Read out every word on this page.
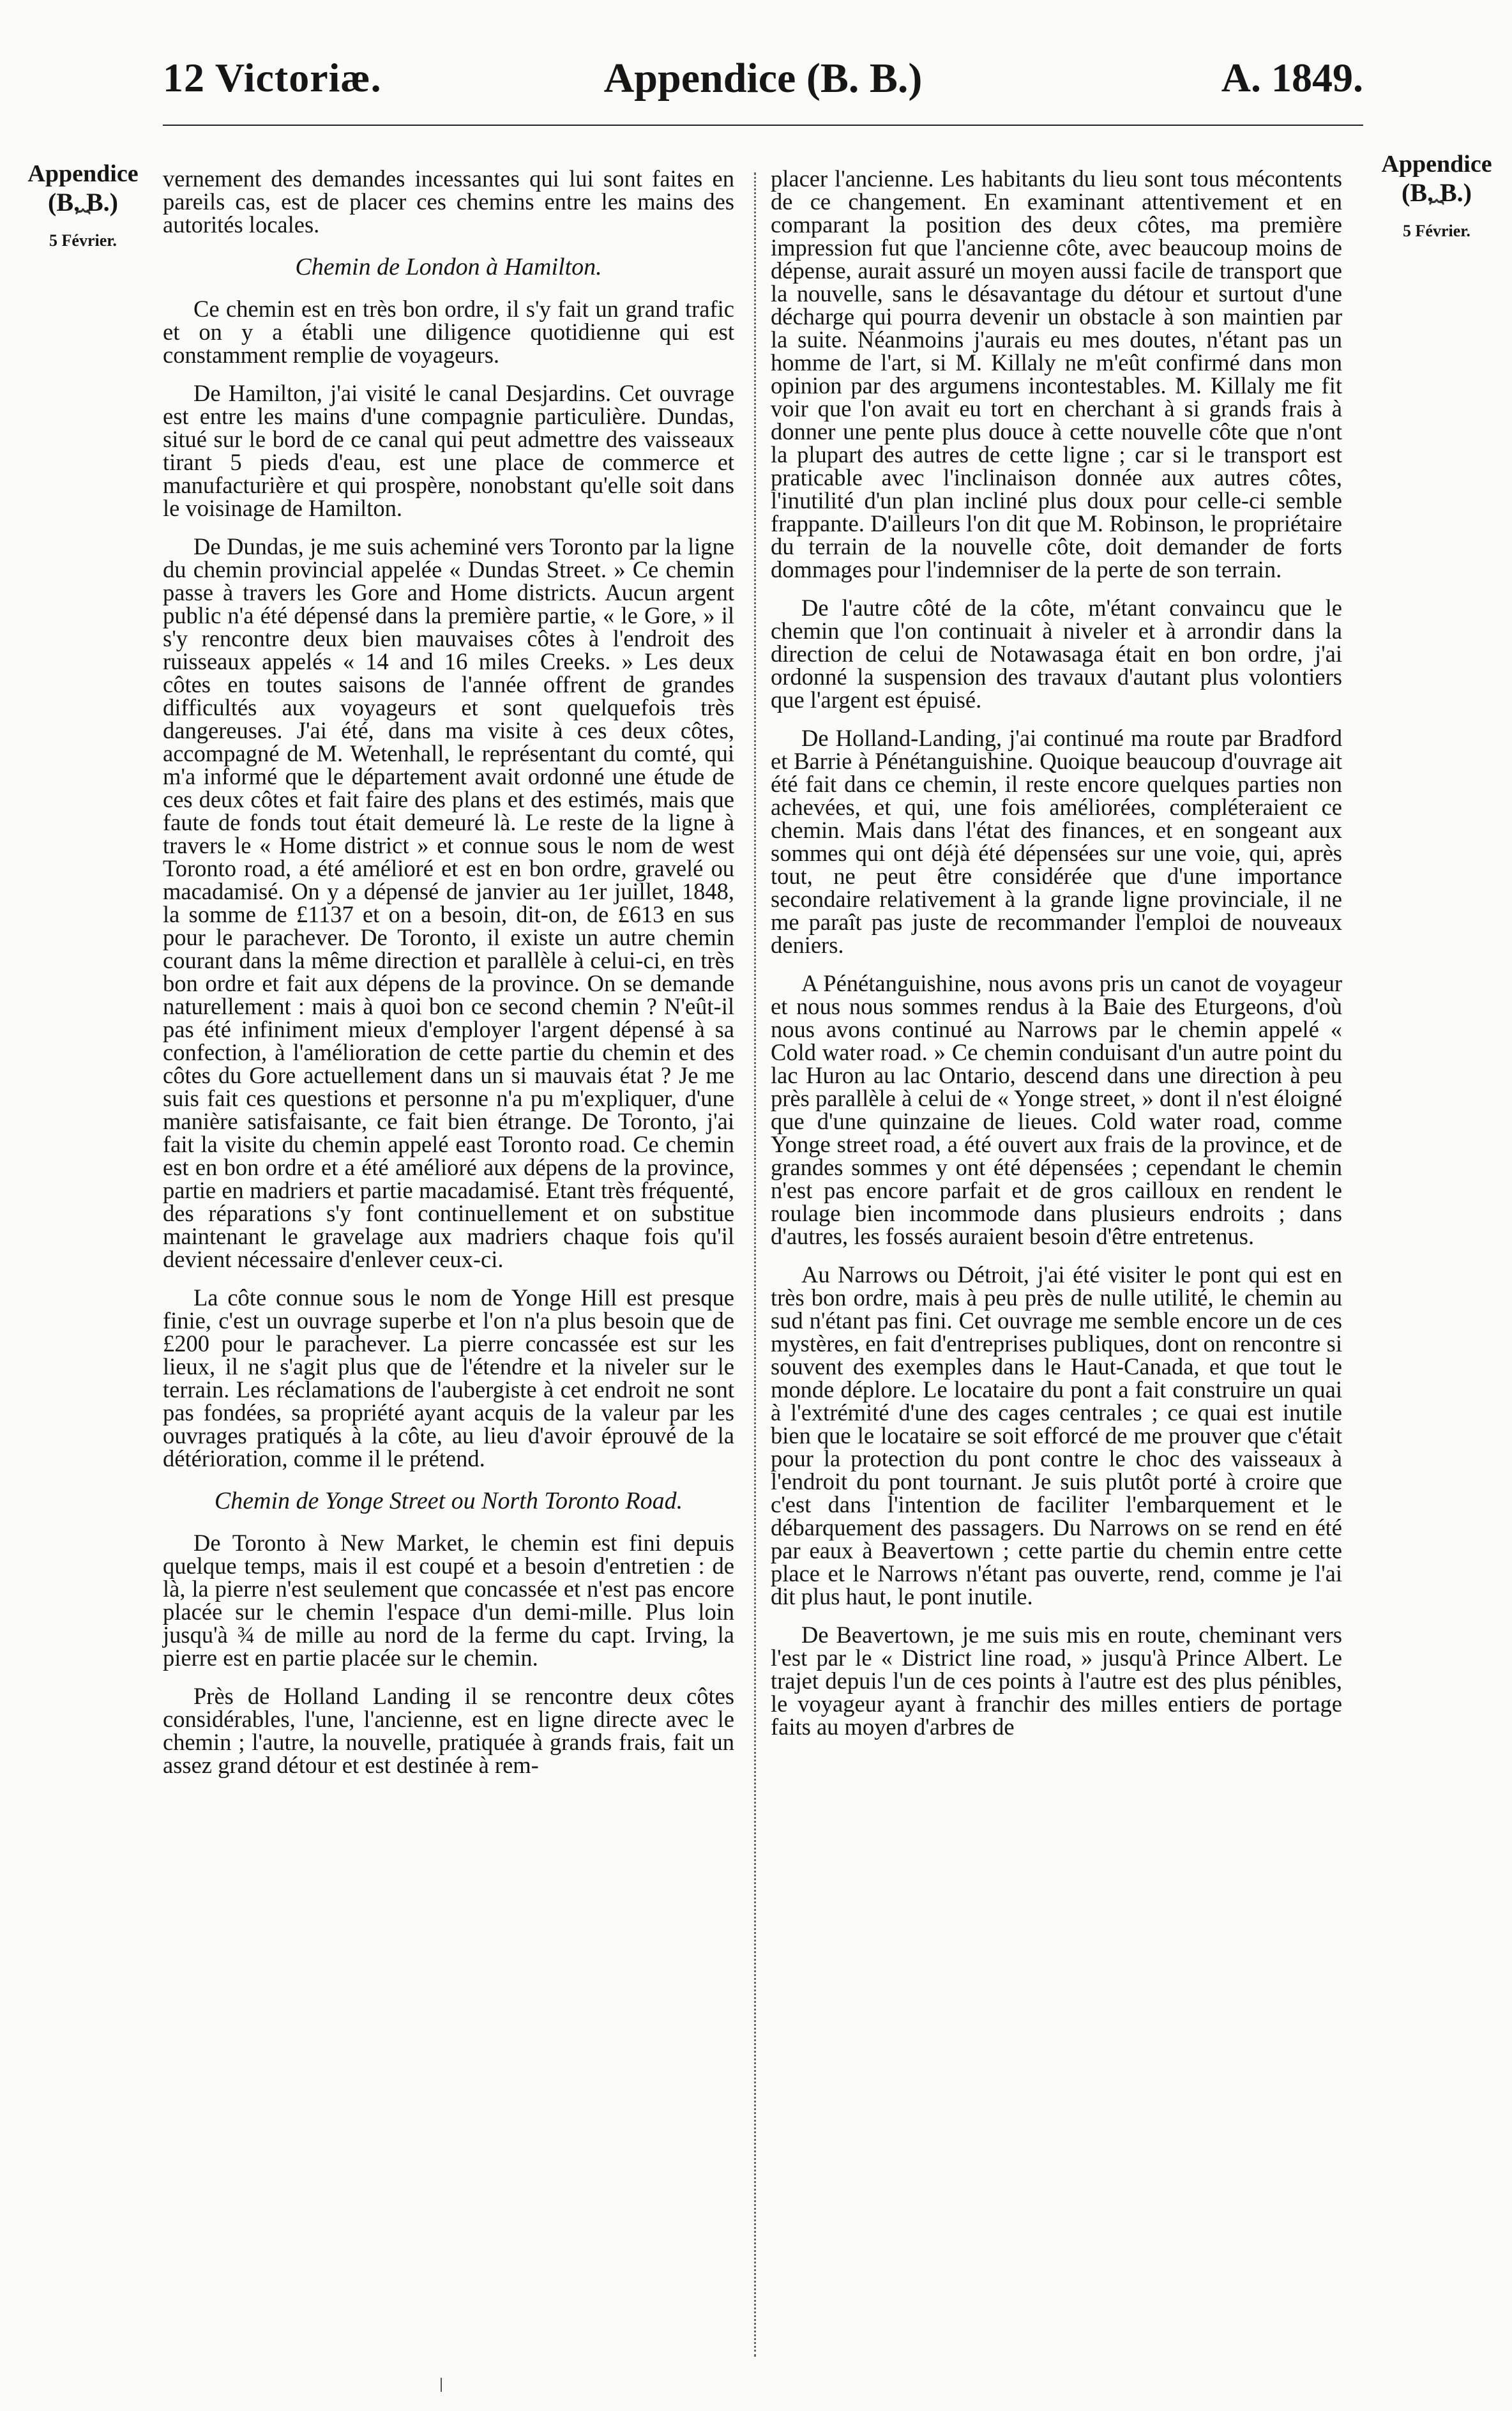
12 Victoriæ.	Appendice (B. B.)	A. 1849.
Appendice
(B. B.)
⏞
5 Février.
Appendice
(B. B.)
⏞
5 Février.

vernement des demandes incessantes qui lui sont faites en pareils cas, est de placer ces chemins entre les mains des autorités locales.

Chemin de London à Hamilton.

Ce chemin est en très bon ordre, il s'y fait un grand trafic et on y a établi une diligence quotidienne qui est constamment remplie de voyageurs.

De Hamilton, j'ai visité le canal Desjardins. Cet ouvrage est entre les mains d'une compagnie particulière. Dundas, situé sur le bord de ce canal qui peut admettre des vaisseaux tirant 5 pieds d'eau, est une place de commerce et manufacturière et qui prospère, nonobstant qu'elle soit dans le voisinage de Hamilton.

De Dundas, je me suis acheminé vers Toronto par la ligne du chemin provincial appelée « Dundas Street. » Ce chemin passe à travers les Gore and Home districts. Aucun argent public n'a été dépensé dans la première partie, « le Gore, » il s'y rencontre deux bien mauvaises côtes à l'endroit des ruisseaux appelés « 14 and 16 miles Creeks. » Les deux côtes en toutes saisons de l'année offrent de grandes difficultés aux voyageurs et sont quelquefois très dangereuses. J'ai été, dans ma visite à ces deux côtes, accompagné de M. Wetenhall, le représentant du comté, qui m'a informé que le département avait ordonné une étude de ces deux côtes et fait faire des plans et des estimés, mais que faute de fonds tout était demeuré là. Le reste de la ligne à travers le « Home district » et connue sous le nom de west Toronto road, a été amélioré et est en bon ordre, gravelé ou macadamisé. On y a dépensé de janvier au 1er juillet, 1848, la somme de £1137 et on a besoin, dit-on, de £613 en sus pour le parachever. De Toronto, il existe un autre chemin courant dans la même direction et parallèle à celui-ci, en très bon ordre et fait aux dépens de la province. On se demande naturellement : mais à quoi bon ce second chemin ? N'eût-il pas été infiniment mieux d'employer l'argent dépensé à sa confection, à l'amélioration de cette partie du chemin et des côtes du Gore actuellement dans un si mauvais état ? Je me suis fait ces questions et personne n'a pu m'expliquer, d'une manière satisfaisante, ce fait bien étrange. De Toronto, j'ai fait la visite du chemin appelé east Toronto road. Ce chemin est en bon ordre et a été amélioré aux dépens de la province, partie en madriers et partie macadamisé. Etant très fréquenté, des réparations s'y font continuellement et on substitue maintenant le gravelage aux madriers chaque fois qu'il devient nécessaire d'enlever ceux-ci.

La côte connue sous le nom de Yonge Hill est presque finie, c'est un ouvrage superbe et l'on n'a plus besoin que de £200 pour le parachever. La pierre concassée est sur les lieux, il ne s'agit plus que de l'étendre et la niveler sur le terrain. Les réclamations de l'aubergiste à cet endroit ne sont pas fondées, sa propriété ayant acquis de la valeur par les ouvrages pratiqués à la côte, au lieu d'avoir éprouvé de la détérioration, comme il le prétend.

Chemin de Yonge Street ou North Toronto Road.

De Toronto à New Market, le chemin est fini depuis quelque temps, mais il est coupé et a besoin d'entretien : de là, la pierre n'est seulement que concassée et n'est pas encore placée sur le chemin l'espace d'un demi-mille. Plus loin jusqu'à ¾ de mille au nord de la ferme du capt. Irving, la pierre est en partie placée sur le chemin.

Près de Holland Landing il se rencontre deux côtes considérables, l'une, l'ancienne, est en ligne directe avec le chemin ; l'autre, la nouvelle, pratiquée à grands frais, fait un assez grand détour et est destinée à rem-

placer l'ancienne. Les habitants du lieu sont tous mécontents de ce changement. En examinant attentivement et en comparant la position des deux côtes, ma première impression fut que l'ancienne côte, avec beaucoup moins de dépense, aurait assuré un moyen aussi facile de transport que la nouvelle, sans le désavantage du détour et surtout d'une décharge qui pourra devenir un obstacle à son maintien par la suite. Néanmoins j'aurais eu mes doutes, n'étant pas un homme de l'art, si M. Killaly ne m'eût confirmé dans mon opinion par des argumens incontestables. M. Killaly me fit voir que l'on avait eu tort en cherchant à si grands frais à donner une pente plus douce à cette nouvelle côte que n'ont la plupart des autres de cette ligne ; car si le transport est praticable avec l'inclinaison donnée aux autres côtes, l'inutilité d'un plan incliné plus doux pour celle-ci semble frappante. D'ailleurs l'on dit que M. Robinson, le propriétaire du terrain de la nouvelle côte, doit demander de forts dommages pour l'indemniser de la perte de son terrain.

De l'autre côté de la côte, m'étant convaincu que le chemin que l'on continuait à niveler et à arrondir dans la direction de celui de Notawasaga était en bon ordre, j'ai ordonné la suspension des travaux d'autant plus volontiers que l'argent est épuisé.

De Holland-Landing, j'ai continué ma route par Bradford et Barrie à Pénétanguishine. Quoique beaucoup d'ouvrage ait été fait dans ce chemin, il reste encore quelques parties non achevées, et qui, une fois améliorées, compléteraient ce chemin. Mais dans l'état des finances, et en songeant aux sommes qui ont déjà été dépensées sur une voie, qui, après tout, ne peut être considérée que d'une importance secondaire relativement à la grande ligne provinciale, il ne me paraît pas juste de recommander l'emploi de nouveaux deniers.

A Pénétanguishine, nous avons pris un canot de voyageur et nous nous sommes rendus à la Baie des Eturgeons, d'où nous avons continué au Narrows par le chemin appelé « Cold water road. » Ce chemin conduisant d'un autre point du lac Huron au lac Ontario, descend dans une direction à peu près parallèle à celui de « Yonge street, » dont il n'est éloigné que d'une quinzaine de lieues. Cold water road, comme Yonge street road, a été ouvert aux frais de la province, et de grandes sommes y ont été dépensées ; cependant le chemin n'est pas encore parfait et de gros cailloux en rendent le roulage bien incommode dans plusieurs endroits ; dans d'autres, les fossés auraient besoin d'être entretenus.

Au Narrows ou Détroit, j'ai été visiter le pont qui est en très bon ordre, mais à peu près de nulle utilité, le chemin au sud n'étant pas fini. Cet ouvrage me semble encore un de ces mystères, en fait d'entreprises publiques, dont on rencontre si souvent des exemples dans le Haut-Canada, et que tout le monde déplore. Le locataire du pont a fait construire un quai à l'extrémité d'une des cages centrales ; ce quai est inutile bien que le locataire se soit efforcé de me prouver que c'était pour la protection du pont contre le choc des vaisseaux à l'endroit du pont tournant. Je suis plutôt porté à croire que c'est dans l'intention de faciliter l'embarquement et le débarquement des passagers. Du Narrows on se rend en été par eaux à Beavertown ; cette partie du chemin entre cette place et le Narrows n'étant pas ouverte, rend, comme je l'ai dit plus haut, le pont inutile.

De Beavertown, je me suis mis en route, cheminant vers l'est par le « District line road, » jusqu'à Prince Albert. Le trajet depuis l'un de ces points à l'autre est des plus pénibles, le voyageur ayant à franchir des milles entiers de portage faits au moyen d'arbres de
